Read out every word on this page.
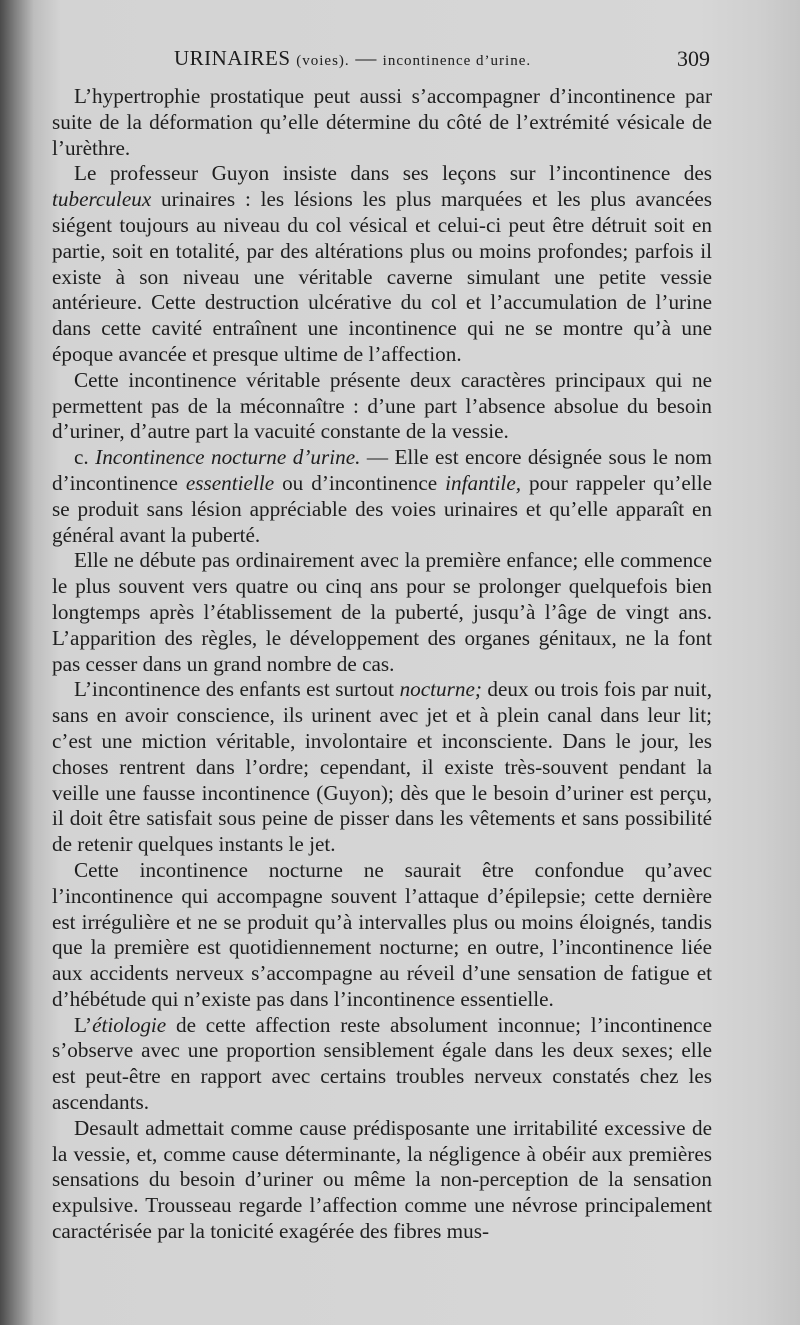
URINAIRES (voies). — incontinence d’urine.	309

L’hypertrophie prostatique peut aussi s’accompagner d’incontinence par suite de la déformation qu’elle détermine du côté de l’extrémité vésicale de l’urèthre.

Le professeur Guyon insiste dans ses leçons sur l’incontinence des tuberculeux urinaires : les lésions les plus marquées et les plus avancées siégent toujours au niveau du col vésical et celui-ci peut être détruit soit en partie, soit en totalité, par des altérations plus ou moins profondes; parfois il existe à son niveau une véritable caverne simulant une petite vessie antérieure. Cette destruction ulcérative du col et l’accumulation de l’urine dans cette cavité entraînent une incontinence qui ne se montre qu’à une époque avancée et presque ultime de l’affection.

Cette incontinence véritable présente deux caractères principaux qui ne permettent pas de la méconnaître : d’une part l’absence absolue du besoin d’uriner, d’autre part la vacuité constante de la vessie.

c. Incontinence nocturne d’urine. — Elle est encore désignée sous le nom d’incontinence essentielle ou d’incontinence infantile, pour rappeler qu’elle se produit sans lésion appréciable des voies urinaires et qu’elle apparaît en général avant la puberté.

Elle ne débute pas ordinairement avec la première enfance; elle commence le plus souvent vers quatre ou cinq ans pour se prolonger quelquefois bien longtemps après l’établissement de la puberté, jusqu’à l’âge de vingt ans. L’apparition des règles, le développement des organes génitaux, ne la font pas cesser dans un grand nombre de cas.

L’incontinence des enfants est surtout nocturne; deux ou trois fois par nuit, sans en avoir conscience, ils urinent avec jet et à plein canal dans leur lit; c’est une miction véritable, involontaire et inconsciente. Dans le jour, les choses rentrent dans l’ordre; cependant, il existe très-souvent pendant la veille une fausse incontinence (Guyon); dès que le besoin d’uriner est perçu, il doit être satisfait sous peine de pisser dans les vêtements et sans possibilité de retenir quelques instants le jet.

Cette incontinence nocturne ne saurait être confondue qu’avec l’incontinence qui accompagne souvent l’attaque d’épilepsie; cette dernière est irrégulière et ne se produit qu’à intervalles plus ou moins éloignés, tandis que la première est quotidiennement nocturne; en outre, l’incontinence liée aux accidents nerveux s’accompagne au réveil d’une sensation de fatigue et d’hébétude qui n’existe pas dans l’incontinence essentielle.

L’étiologie de cette affection reste absolument inconnue; l’incontinence s’observe avec une proportion sensiblement égale dans les deux sexes; elle est peut-être en rapport avec certains troubles nerveux constatés chez les ascendants.

Desault admettait comme cause prédisposante une irritabilité excessive de la vessie, et, comme cause déterminante, la négligence à obéir aux premières sensations du besoin d’uriner ou même la non-perception de la sensation expulsive. Trousseau regarde l’affection comme une névrose principalement caractérisée par la tonicité exagérée des fibres mus-
